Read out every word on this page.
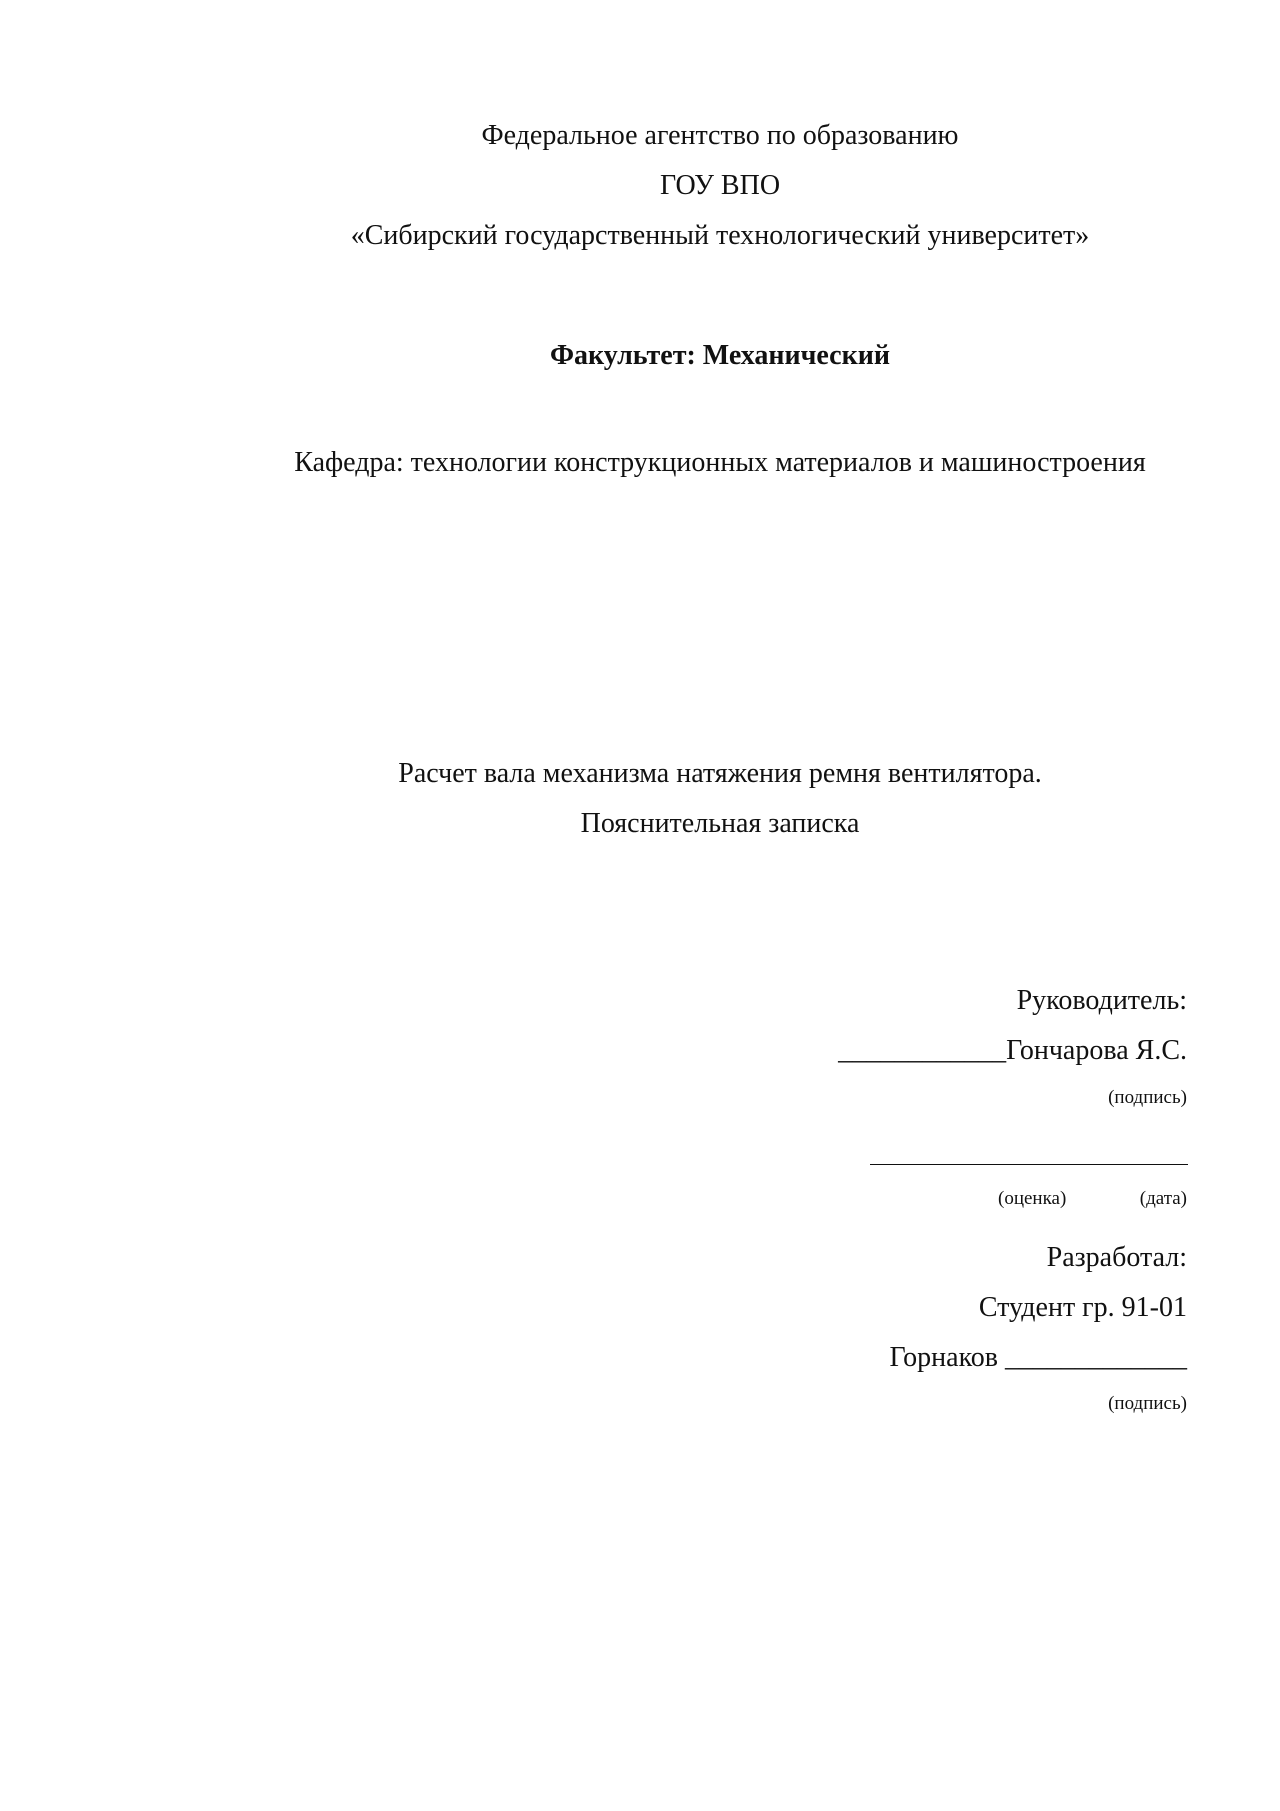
Федеральное агентство по образованию
ГОУ ВПО
«Сибирский государственный технологический университет»
Факультет: Механический
Кафедра: технологии конструкционных материалов и машиностроения
Расчет вала механизма натяжения ремня вентилятора.
Пояснительная записка
Руководитель:
____________Гончарова Я.С.
(подпись)
(оценка)	(дата)
Разработал:
Студент гр. 91-01
Горнаков _____________
(подпись)
